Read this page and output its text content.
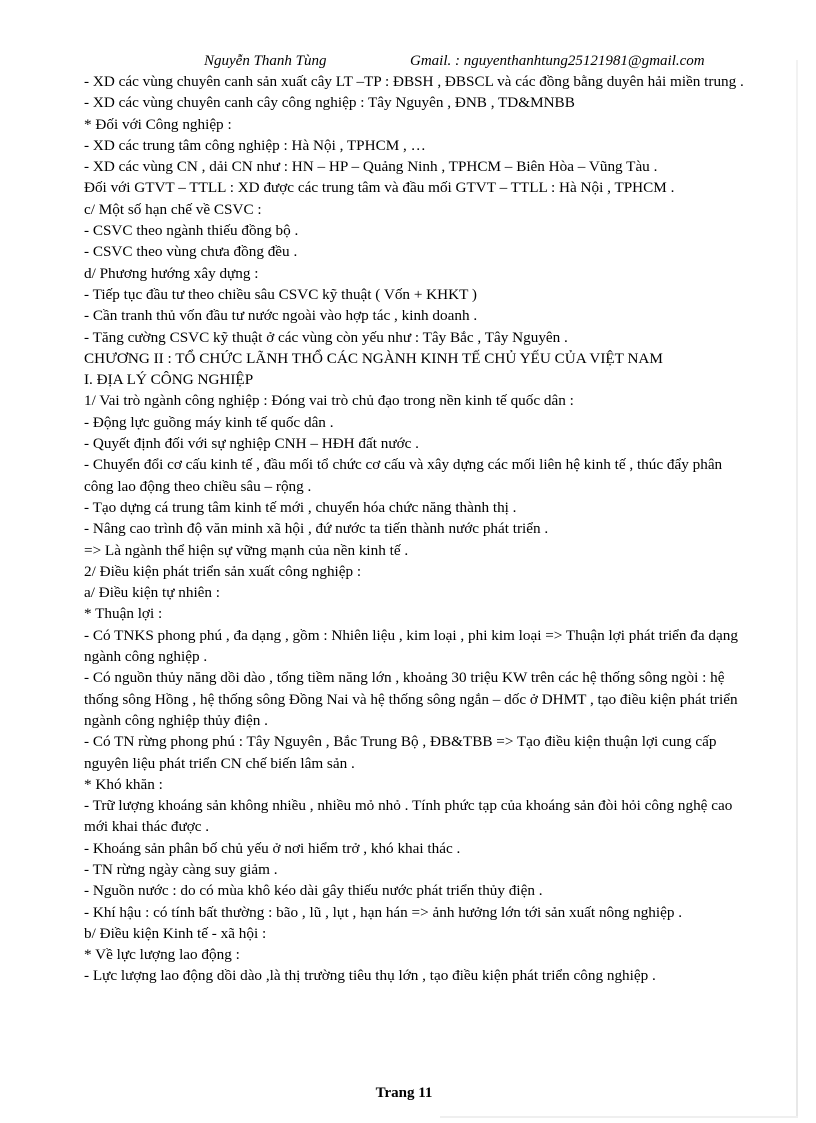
Nguyễn Thanh Tùng	Gmail. : nguyenthanhtung25121981@gmail.com

- XD các vùng chuyên canh sản xuất cây LT –TP : ĐBSH , ĐBSCL và các đồng bằng duyên hải miền trung .

- XD các vùng chuyên canh cây công nghiệp : Tây Nguyên , ĐNB , TD&MNBB

* Đối với Công nghiệp :

- XD các trung tâm công nghiệp : Hà Nội , TPHCM , …

- XD các vùng CN , dải CN như : HN – HP – Quảng Ninh , TPHCM – Biên Hòa – Vũng Tàu .

Đối với GTVT – TTLL : XD được các trung tâm và đầu mối GTVT – TTLL : Hà Nội , TPHCM .

c/ Một số hạn chế về CSVC :

- CSVC theo ngành thiếu đồng bộ .

- CSVC theo vùng chưa đồng đều .

d/ Phương hướng xây dựng :

- Tiếp tục đầu tư theo chiều sâu CSVC kỹ thuật ( Vốn + KHKT )

- Cần tranh thủ vốn đầu tư nước ngoài vào hợp tác , kinh doanh .

- Tăng cường CSVC kỹ thuật ở các vùng còn yếu như : Tây Bắc , Tây Nguyên .

CHƯƠNG II : TỔ CHỨC LÃNH THỔ CÁC NGÀNH KINH TẾ CHỦ YẾU CỦA VIỆT NAM

I. ĐỊA LÝ CÔNG NGHIỆP

1/ Vai trò ngành công nghiệp : Đóng vai trò chủ đạo trong nền kinh tế quốc dân :

- Động lực guồng máy kinh tế quốc dân .

- Quyết định đối với sự nghiệp CNH – HĐH đất nước .

- Chuyển đổi cơ cấu kinh tế , đầu mối tổ chức cơ cấu và xây dựng các mối liên hệ kinh tế , thúc đẩy phân công lao động theo chiều sâu – rộng .

- Tạo dựng cá trung tâm kinh tế mới , chuyển hóa chức năng thành thị .

- Nâng cao trình độ văn minh xã hội , đứ nước ta tiến thành nước phát triển .

=> Là ngành thể hiện sự vững mạnh của nền kinh tế .

2/ Điều kiện phát triển sản xuất công nghiệp :

a/ Điều kiện tự nhiên :

* Thuận lợi :

- Có TNKS phong phú , đa dạng , gồm : Nhiên liệu , kim loại , phi kim loại => Thuận lợi phát triển đa dạng ngành công nghiệp .

- Có nguồn thủy năng dồi dào , tổng tiềm năng lớn , khoảng 30 triệu KW trên các hệ thống sông ngòi : hệ thống sông Hồng , hệ thống sông Đồng Nai và hệ thống sông ngắn – dốc ở DHMT , tạo điều kiện phát triển ngành công nghiệp thủy điện .

- Có TN rừng phong phú : Tây Nguyên , Bắc Trung Bộ , ĐB&TBB => Tạo điều kiện thuận lợi cung cấp nguyên liệu phát triển CN chế biến lâm sản .

* Khó khăn :

- Trữ lượng khoáng sản không nhiều , nhiều mỏ nhỏ . Tính phức tạp của khoáng sản đòi hỏi công nghệ cao mới khai thác được .

- Khoáng sản phân bố chủ yếu ở nơi hiểm trở , khó khai thác .

- TN rừng ngày càng suy giảm .

- Nguồn nước : do có mùa khô kéo dài gây thiếu nước phát triển thủy điện .

- Khí hậu : có tính bất thường : bão , lũ , lụt , hạn hán => ảnh hưởng lớn tới sản xuất nông nghiệp .

b/ Điều kiện Kinh tế - xã hội :

* Về lực lượng lao động :

- Lực lượng lao động dồi dào ,là thị trường tiêu thụ lớn , tạo điều kiện phát triển công nghiệp .

Trang 11
